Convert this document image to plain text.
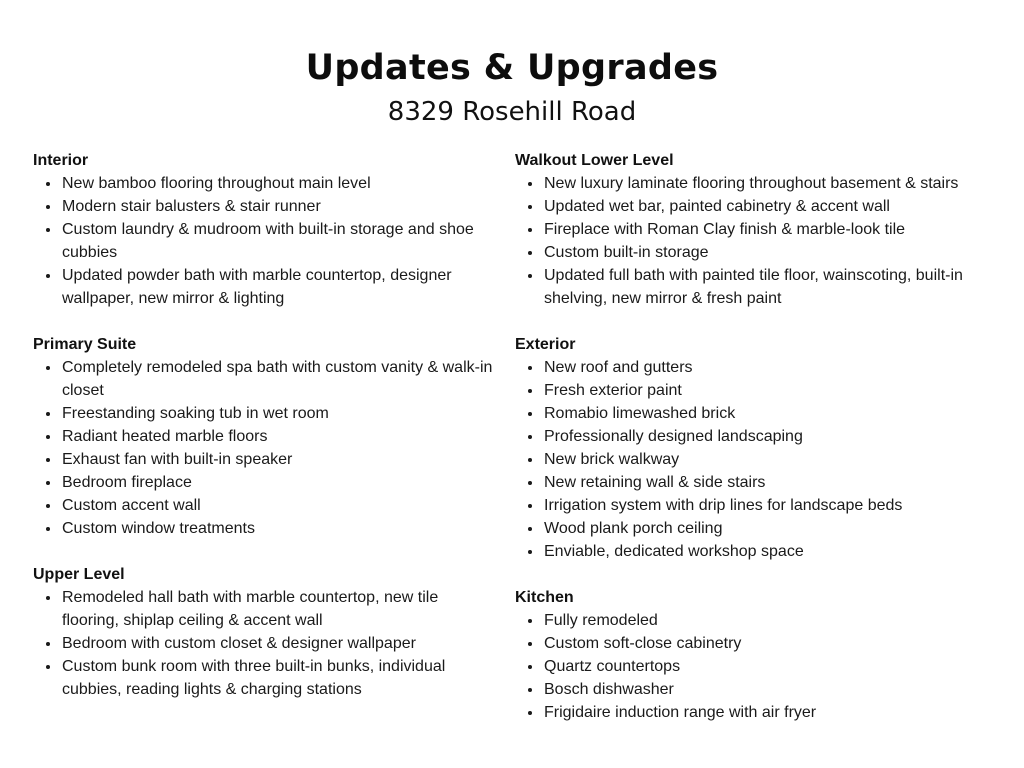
Updates & Upgrades
8329 Rosehill Road
Interior
New bamboo flooring throughout main level
Modern stair balusters & stair runner
Custom laundry & mudroom with built-in storage and shoe cubbies
Updated powder bath with marble countertop, designer wallpaper, new mirror & lighting
Primary Suite
Completely remodeled spa bath with custom vanity & walk-in closet
Freestanding soaking tub in wet room
Radiant heated marble floors
Exhaust fan with built-in speaker
Bedroom fireplace
Custom accent wall
Custom window treatments
Upper Level
Remodeled hall bath with marble countertop, new tile flooring, shiplap ceiling & accent wall
Bedroom with custom closet & designer wallpaper
Custom bunk room with three built-in bunks, individual cubbies, reading lights & charging stations
Walkout Lower Level
New luxury laminate flooring throughout basement & stairs
Updated wet bar, painted cabinetry & accent wall
Fireplace with Roman Clay finish & marble-look tile
Custom built-in storage
Updated full bath with painted tile floor, wainscoting, built-in shelving, new mirror & fresh paint
Exterior
New roof and gutters
Fresh exterior paint
Romabio limewashed brick
Professionally designed landscaping
New brick walkway
New retaining wall & side stairs
Irrigation system with drip lines for landscape beds
Wood plank porch ceiling
Enviable, dedicated workshop space
Kitchen
Fully remodeled
Custom soft-close cabinetry
Quartz countertops
Bosch dishwasher
Frigidaire induction range with air fryer
